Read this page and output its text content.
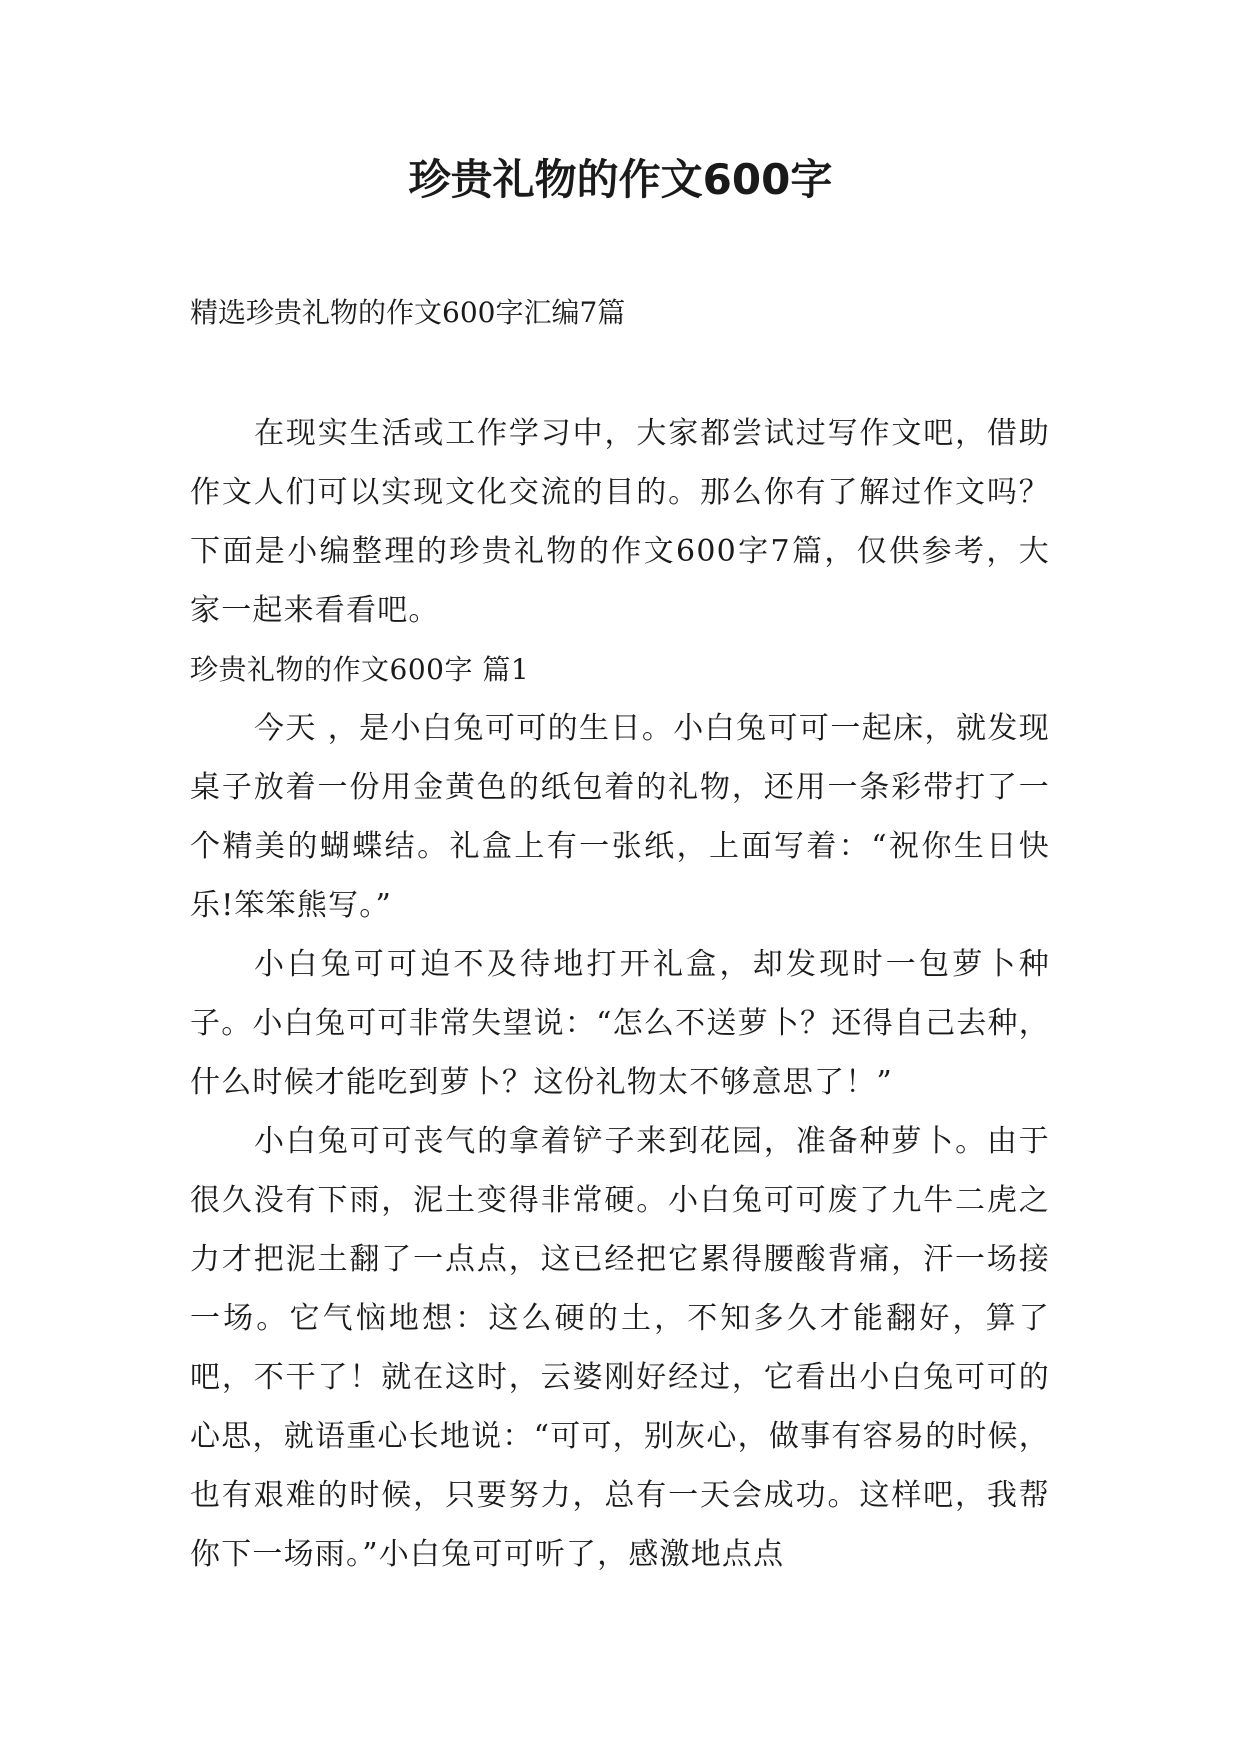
珍贵礼物的作文600字

精选珍贵礼物的作文600字汇编7篇

在现实生活或工作学习中，大家都尝试过写作文吧，借助作文人们可以实现文化交流的目的。那么你有了解过作文吗？下面是小编整理的珍贵礼物的作文600字7篇，仅供参考，大家一起来看看吧。

珍贵礼物的作文600字 篇1

今天 ，是小白兔可可的生日。小白兔可可一起床，就发现桌子放着一份用金黄色的纸包着的礼物，还用一条彩带打了一个精美的蝴蝶结。礼盒上有一张纸，上面写着：“祝你生日快乐!笨笨熊写。”

小白兔可可迫不及待地打开礼盒，却发现时一包萝卜种子。小白兔可可非常失望说：“怎么不送萝卜？还得自己去种，什么时候才能吃到萝卜？这份礼物太不够意思了！”

小白兔可可丧气的拿着铲子来到花园，准备种萝卜。由于很久没有下雨，泥土变得非常硬。小白兔可可废了九牛二虎之力才把泥土翻了一点点，这已经把它累得腰酸背痛，汗一场接一场。它气恼地想：这么硬的土，不知多久才能翻好，算了吧，不干了！就在这时，云婆刚好经过，它看出小白兔可可的心思，就语重心长地说：“可可，别灰心，做事有容易的时候，也有艰难的时候，只要努力，总有一天会成功。这样吧，我帮你下一场雨。”小白兔可可听了，感激地点点
